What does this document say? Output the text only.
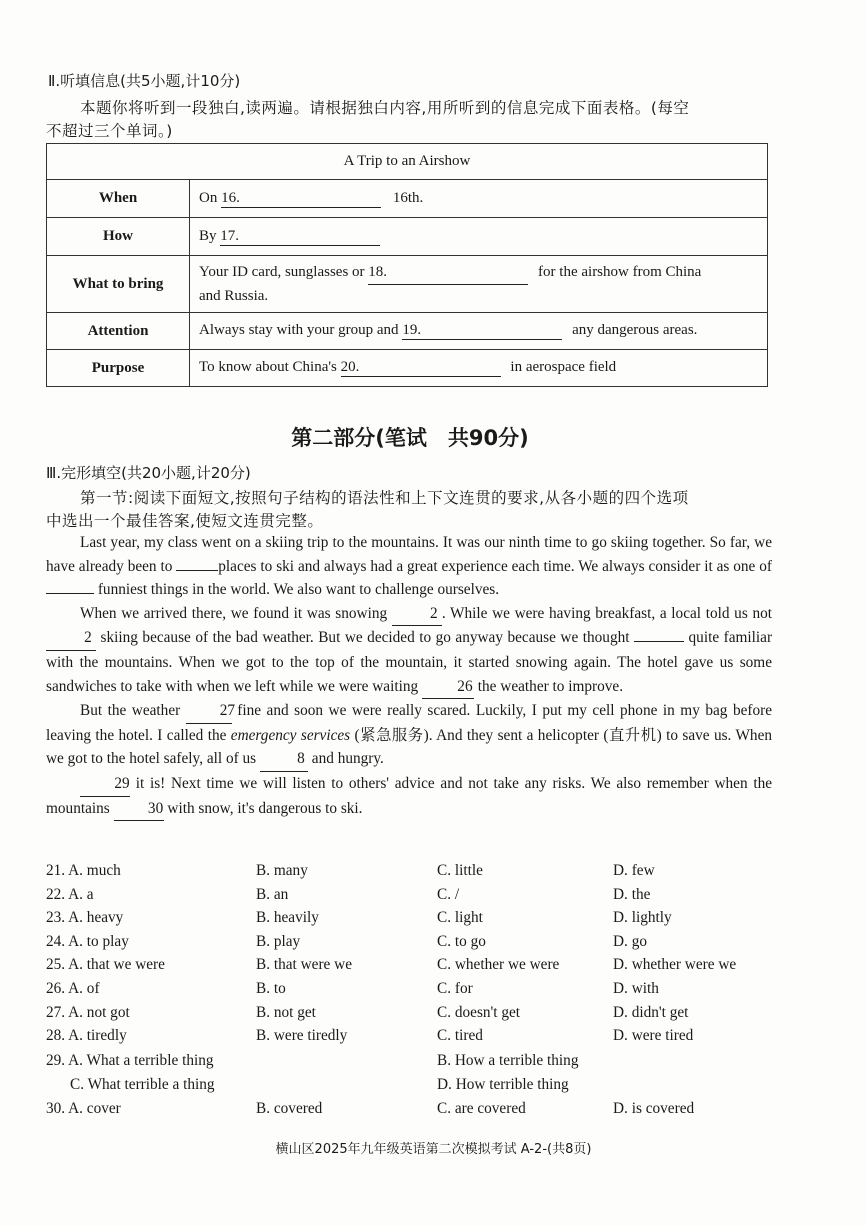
Ⅱ.听填信息(共5小题,计10分)
本题你将听到一段独白,读两遍。请根据独白内容,用所听到的信息完成下面表格。(每空
不超过三个单词。)
A Trip to an Airshow	
When	On 16. 16th.
How	By 17.
What to bring	Your ID card, sunglasses or 18. for the airshow from China
and Russia.
Attention	Always stay with your group and 19. any dangerous areas.
Purpose	To know about China's 20. in aerospace field
第二部分(笔试　共90分)
Ⅲ.完形填空(共20小题,计20分)
第一节:阅读下面短文,按照句子结构的语法性和上下文连贯的要求,从各小题的四个选项
中选出一个最佳答案,使短文连贯完整。

Last year, my class went on a skiing trip to the mountains. It was our ninth time to go skiing together. So far, we have already been to	places to ski and always had a great experience each time. We always consider it as one of  funniest things in the world. We also want to challenge ourselves.

When we arrived there, we found it was snowing	2 . While we were having breakfast, a local told us not 2 skiing because of the bad weather. But we decided to go anyway because we thought	quite familiar with the mountains. When we got to the top of the mountain, it started snowing again. The hotel gave us some sandwiches to take with when we left while we were waiting	26 the weather to improve.

But the weather	27 fine and soon we were really scared. Luckily, I put my cell phone in my bag before leaving the hotel. I called the emergency services (紧急服务). And they sent a helicopter (直升机) to save us. When we got to the hotel safely, all of us	8 and hungry.

29 it is! Next time we will listen to others' advice and not take any risks. We also remember when the mountains 30 with snow, it's dangerous to ski.

21. A. much	B. many	C. little	D. few
22. A. a	B. an	C. /	D. the
23. A. heavy	B. heavily	C. light	D. lightly
24. A. to play	B. play	C. to go	D. go
25. A. that we were	B. that were we	C. whether we were	D. whether were we
26. A. of	B. to	C. for	D. with
27. A. not got	B. not get	C. doesn't get	D. didn't get
28. A. tiredly	B. were tiredly	C. tired	D. were tired
29. A. What a terrible thing	B. How a terrible thing
C. What terrible a thing	D. How terrible thing
30. A. cover	B. covered	C. are covered	D. is covered
横山区2025年九年级英语第二次模拟考试 A-2-(共8页)
